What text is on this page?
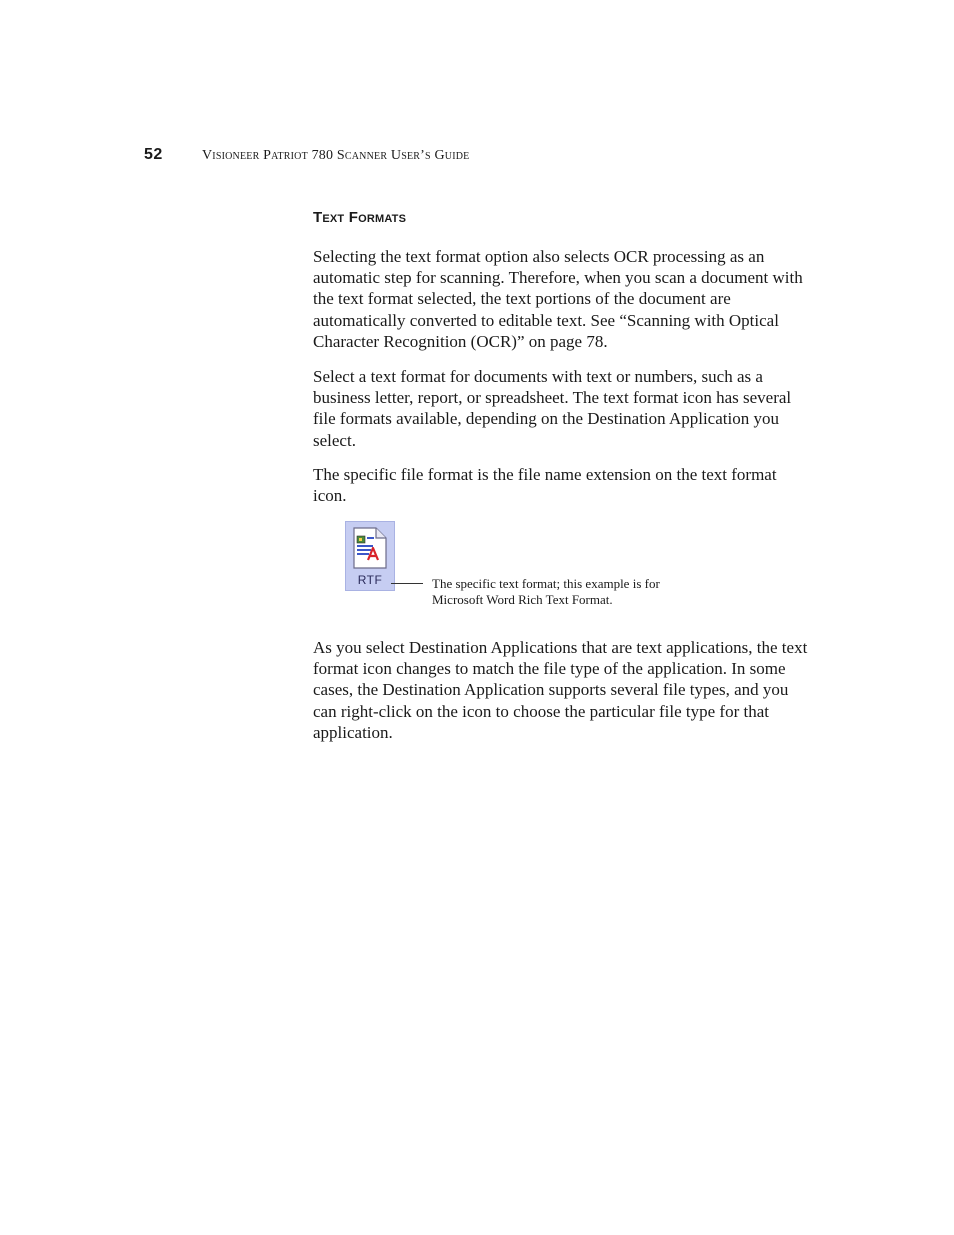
52	Visioneer Patriot 780 Scanner User’s Guide
Text Formats

Selecting the text format option also selects OCR processing as an automatic step for scanning. Therefore, when you scan a document with the text format selected, the text portions of the document are automatically converted to editable text. See “Scanning with Optical Character Recognition (OCR)” on page 78.

Select a text format for documents with text or numbers, such as a business letter, report, or spreadsheet. The text format icon has several file formats available, depending on the Destination Application you select.

The specific file format is the file name extension on the text format icon.

RTF	The specific text format; this example is for Microsoft Word Rich Text Format.

As you select Destination Applications that are text applications, the text format icon changes to match the file type of the application. In some cases, the Destination Application supports several file types, and you can right-click on the icon to choose the particular file type for that application.
